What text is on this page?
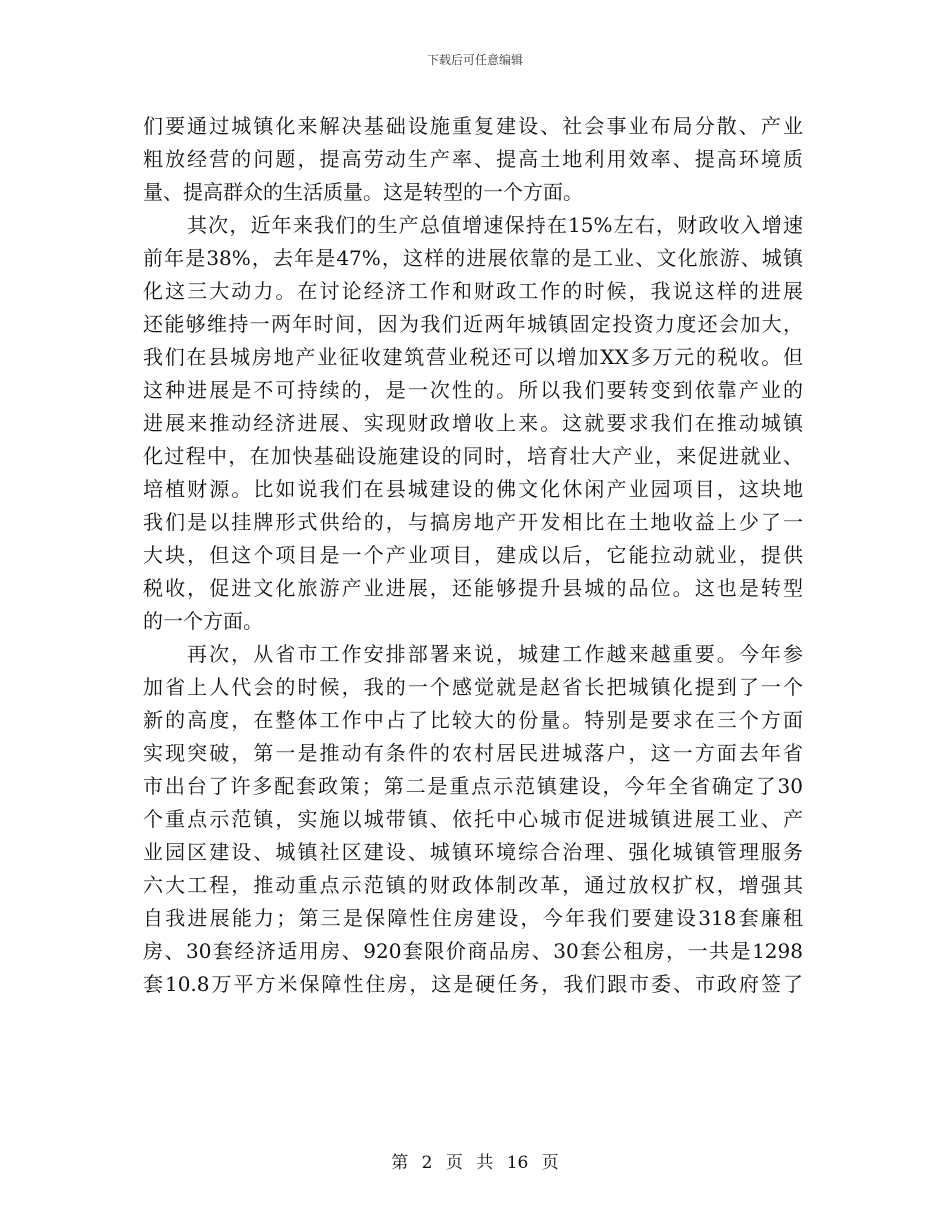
下载后可任意编辑
们要通过城镇化来解决基础设施重复建设、社会事业布局分散、产业
粗放经营的问题，提高劳动生产率、提高土地利用效率、提高环境质
量、提高群众的生活质量。这是转型的一个方面。
其次，近年来我们的生产总值增速保持在15%左右，财政收入增速
前年是38%，去年是47%，这样的进展依靠的是工业、文化旅游、城镇
化这三大动力。在讨论经济工作和财政工作的时候，我说这样的进展
还能够维持一两年时间，因为我们近两年城镇固定投资力度还会加大，
我们在县城房地产业征收建筑营业税还可以增加XX多万元的税收。但
这种进展是不可持续的，是一次性的。所以我们要转变到依靠产业的
进展来推动经济进展、实现财政增收上来。这就要求我们在推动城镇
化过程中，在加快基础设施建设的同时，培育壮大产业，来促进就业、
培植财源。比如说我们在县城建设的佛文化休闲产业园项目，这块地
我们是以挂牌形式供给的，与搞房地产开发相比在土地收益上少了一
大块，但这个项目是一个产业项目，建成以后，它能拉动就业，提供
税收，促进文化旅游产业进展，还能够提升县城的品位。这也是转型
的一个方面。
再次，从省市工作安排部署来说，城建工作越来越重要。今年参
加省上人代会的时候，我的一个感觉就是赵省长把城镇化提到了一个
新的高度，在整体工作中占了比较大的份量。特别是要求在三个方面
实现突破，第一是推动有条件的农村居民进城落户，这一方面去年省
市出台了许多配套政策；第二是重点示范镇建设，今年全省确定了30
个重点示范镇，实施以城带镇、依托中心城市促进城镇进展工业、产
业园区建设、城镇社区建设、城镇环境综合治理、强化城镇管理服务
六大工程，推动重点示范镇的财政体制改革，通过放权扩权，增强其
自我进展能力；第三是保障性住房建设，今年我们要建设318套廉租
房、30套经济适用房、920套限价商品房、30套公租房，一共是1298
套10.8万平方米保障性住房，这是硬任务，我们跟市委、市政府签了
第 2 页 共 16 页
